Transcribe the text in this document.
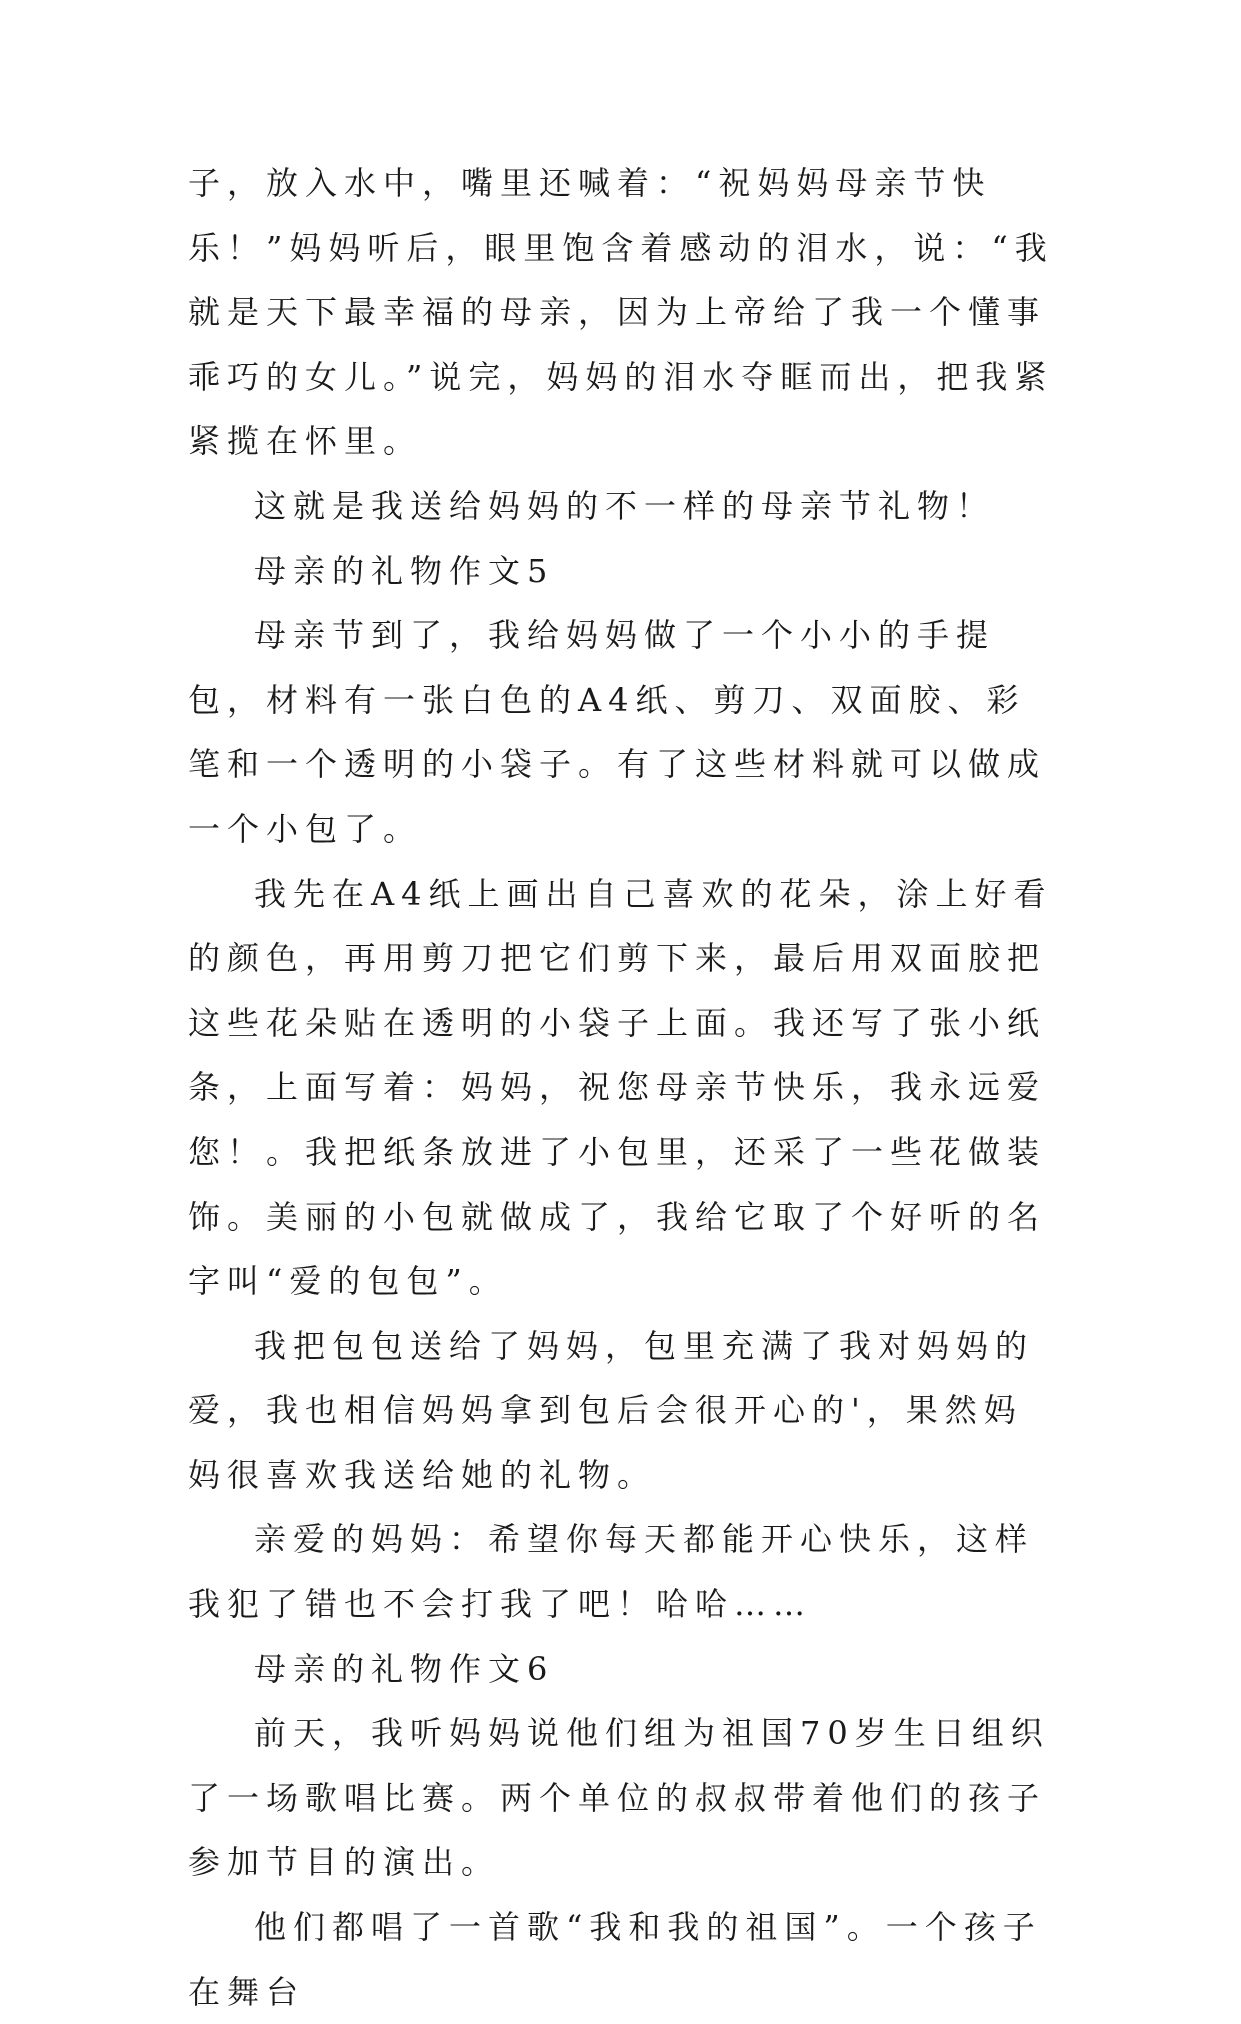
子，放入水中，嘴里还喊着：“祝妈妈母亲节快乐！”妈妈听后，眼里饱含着感动的泪水，说：“我就是天下最幸福的母亲，因为上帝给了我一个懂事乖巧的女儿。”说完，妈妈的泪水夺眶而出，把我紧紧揽在怀里。

这就是我送给妈妈的不一样的母亲节礼物！

母亲的礼物作文5

母亲节到了，我给妈妈做了一个小小的手提包，材料有一张白色的A4纸、剪刀、双面胶、彩笔和一个透明的小袋子。有了这些材料就可以做成一个小包了。

我先在A4纸上画出自己喜欢的花朵，涂上好看的颜色，再用剪刀把它们剪下来，最后用双面胶把这些花朵贴在透明的小袋子上面。我还写了张小纸条，上面写着：妈妈，祝您母亲节快乐，我永远爱您！。我把纸条放进了小包里，还采了一些花做装饰。美丽的小包就做成了，我给它取了个好听的名字叫“爱的包包”。

我把包包送给了妈妈，包里充满了我对妈妈的爱，我也相信妈妈拿到包后会很开心的'，果然妈妈很喜欢我送给她的礼物。

亲爱的妈妈：希望你每天都能开心快乐，这样我犯了错也不会打我了吧！哈哈……

母亲的礼物作文6

前天，我听妈妈说他们组为祖国70岁生日组织了一场歌唱比赛。两个单位的叔叔带着他们的孩子参加节目的演出。

他们都唱了一首歌“我和我的祖国”。一个孩子在舞台
